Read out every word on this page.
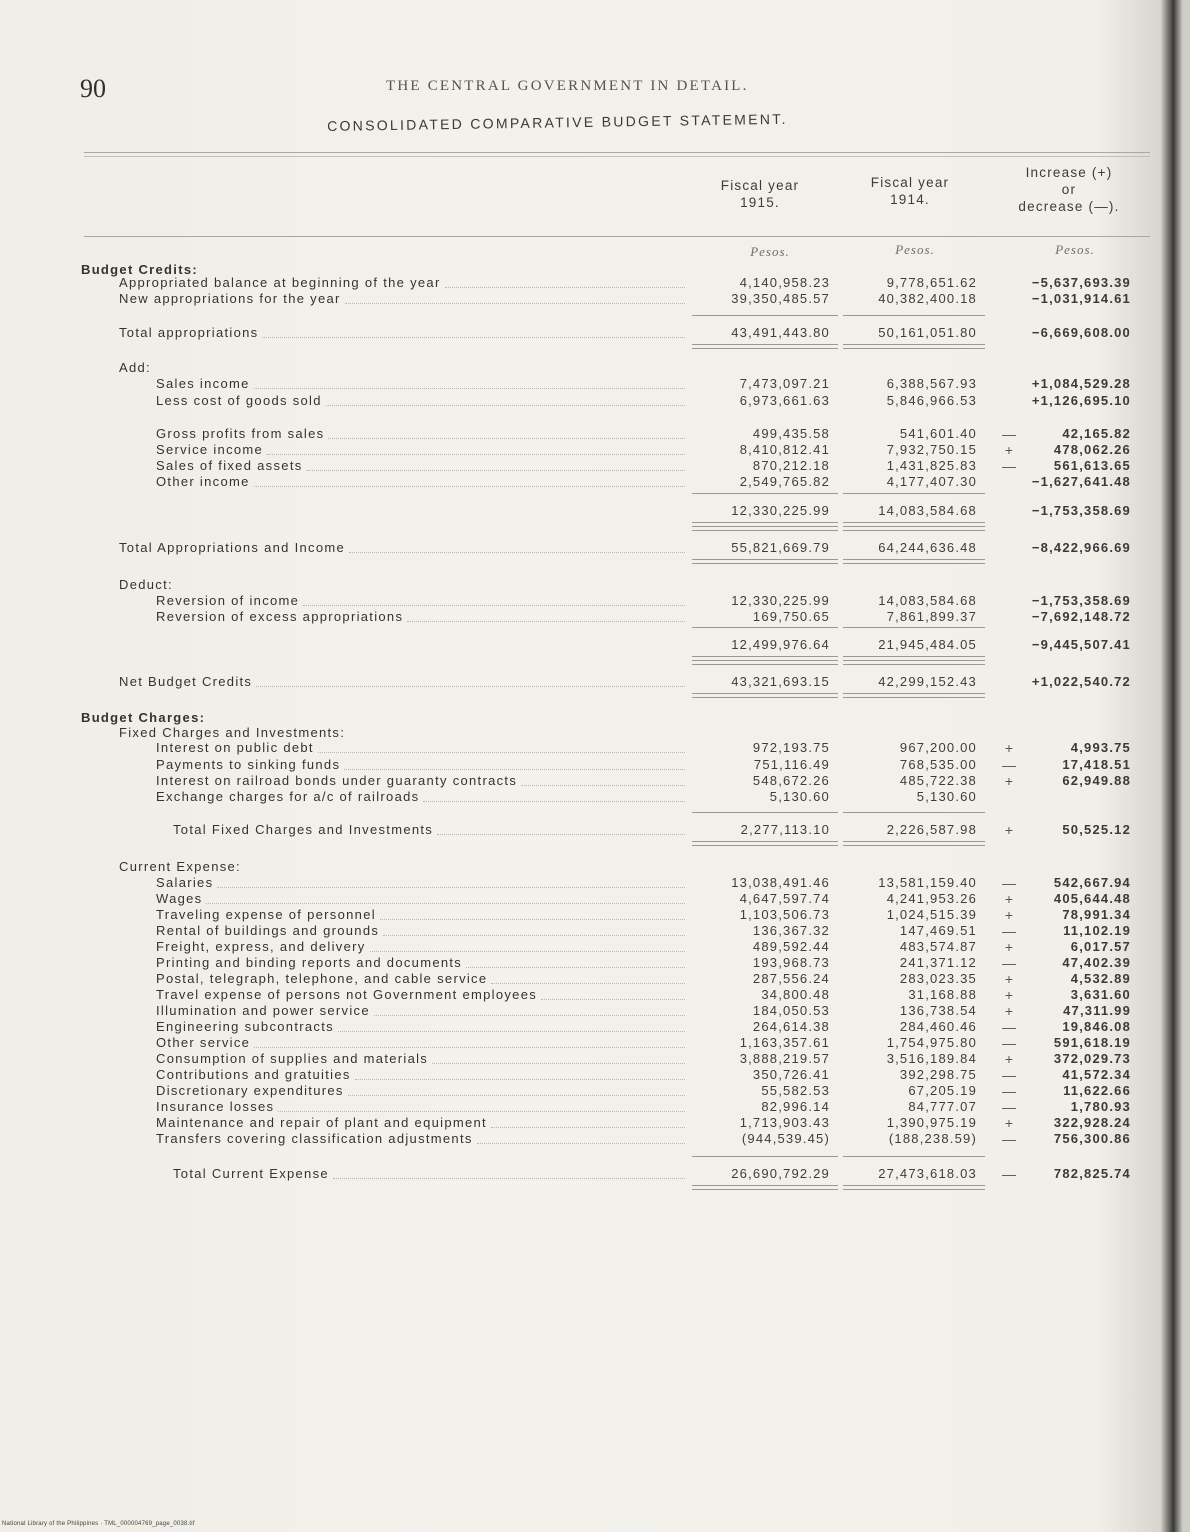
90	THE CENTRAL GOVERNMENT IN DETAIL.
CONSOLIDATED COMPARATIVE BUDGET STATEMENT.
Fiscal year
1915.
Fiscal year
1914.
Increase (+)
or
decrease (—).
Pesos.	Pesos.	Pesos.
Budget Credits:
Appropriated balance at beginning of the year	4,140,958.23	9,778,651.62	−5,637,693.39
New appropriations for the year	39,350,485.57	40,382,400.18	−1,031,914.61
Total appropriations	43,491,443.80	50,161,051.80	−6,669,608.00
Add:
Sales income	7,473,097.21	6,388,567.93	+1,084,529.28
Less cost of goods sold	6,973,661.63	5,846,966.53	+1,126,695.10
Gross profits from sales	499,435.58	541,601.40 —	42,165.82
Service income	8,410,812.41	7,932,750.15 +	478,062.26
Sales of fixed assets	870,212.18	1,431,825.83 —	561,613.65
Other income	2,549,765.82	4,177,407.30	−1,627,641.48
12,330,225.99	14,083,584.68	−1,753,358.69
Total Appropriations and Income	55,821,669.79	64,244,636.48	−8,422,966.69
Deduct:
Reversion of income	12,330,225.99	14,083,584.68	−1,753,358.69
Reversion of excess appropriations	169,750.65	7,861,899.37	−7,692,148.72
12,499,976.64	21,945,484.05	−9,445,507.41
Net Budget Credits	43,321,693.15	42,299,152.43	+1,022,540.72
Budget Charges:
Fixed Charges and Investments:
Interest on public debt	972,193.75	967,200.00 +	4,993.75
Payments to sinking funds	751,116.49	768,535.00 —	17,418.51
Interest on railroad bonds under guaranty contracts	548,672.26	485,722.38 +	62,949.88
Exchange charges for a/c of railroads	5,130.60	5,130.60
Total Fixed Charges and Investments	2,277,113.10	2,226,587.98 +	50,525.12
Current Expense:
Salaries	13,038,491.46	13,581,159.40 —	542,667.94
Wages	4,647,597.74	4,241,953.26 +	405,644.48
Traveling expense of personnel	1,103,506.73	1,024,515.39 +	78,991.34
Rental of buildings and grounds	136,367.32	147,469.51 —	11,102.19
Freight, express, and delivery	489,592.44	483,574.87 +	6,017.57
Printing and binding reports and documents	193,968.73	241,371.12 —	47,402.39
Postal, telegraph, telephone, and cable service	287,556.24	283,023.35 +	4,532.89
Travel expense of persons not Government employees	34,800.48	31,168.88 +	3,631.60
Illumination and power service	184,050.53	136,738.54 +	47,311.99
Engineering subcontracts	264,614.38	284,460.46 —	19,846.08
Other service	1,163,357.61	1,754,975.80 —	591,618.19
Consumption of supplies and materials	3,888,219.57	3,516,189.84 +	372,029.73
Contributions and gratuities	350,726.41	392,298.75 —	41,572.34
Discretionary expenditures	55,582.53	67,205.19 —	11,622.66
Insurance losses	82,996.14	84,777.07 —	1,780.93
Maintenance and repair of plant and equipment	1,713,903.43	1,390,975.19 +	322,928.24
Transfers covering classification adjustments	(944,539.45)	(188,238.59) —	756,300.86
Total Current Expense	26,690,792.29	27,473,618.03 —	782,825.74
National Library of the Philippines · TML_000004769_page_0038.tif
